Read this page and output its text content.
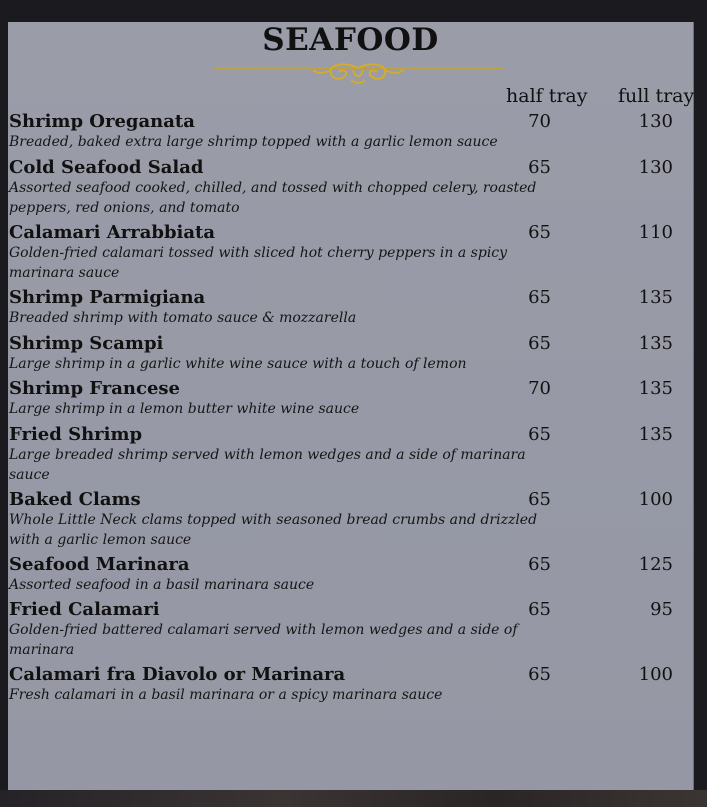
SEAFOOD
half tray full tray
Shrimp Oreganata
Breaded, baked extra large shrimp topped with a garlic lemon sauce
70	130
Cold Seafood Salad
Assorted seafood cooked, chilled, and tossed with chopped celery, roasted peppers, red onions, and tomato
65	130
Calamari Arrabbiata
Golden-fried calamari tossed with sliced hot cherry peppers in a spicy marinara sauce
65	110
Shrimp Parmigiana
Breaded shrimp with tomato sauce & mozzarella
65	135
Shrimp Scampi
Large shrimp in a garlic white wine sauce with a touch of lemon
65	135
Shrimp Francese
Large shrimp in a lemon butter white wine sauce
70	135
Fried Shrimp
Large breaded shrimp served with lemon wedges and a side of marinara sauce
65	135
Baked Clams
Whole Little Neck clams topped with seasoned bread crumbs and drizzled with a garlic lemon sauce
65	100
Seafood Marinara
Assorted seafood in a basil marinara sauce
65	125
Fried Calamari
Golden-fried battered calamari served with lemon wedges and a side of marinara
65	95
Calamari fra Diavolo or Marinara
Fresh calamari in a basil marinara or a spicy marinara sauce
65	100
